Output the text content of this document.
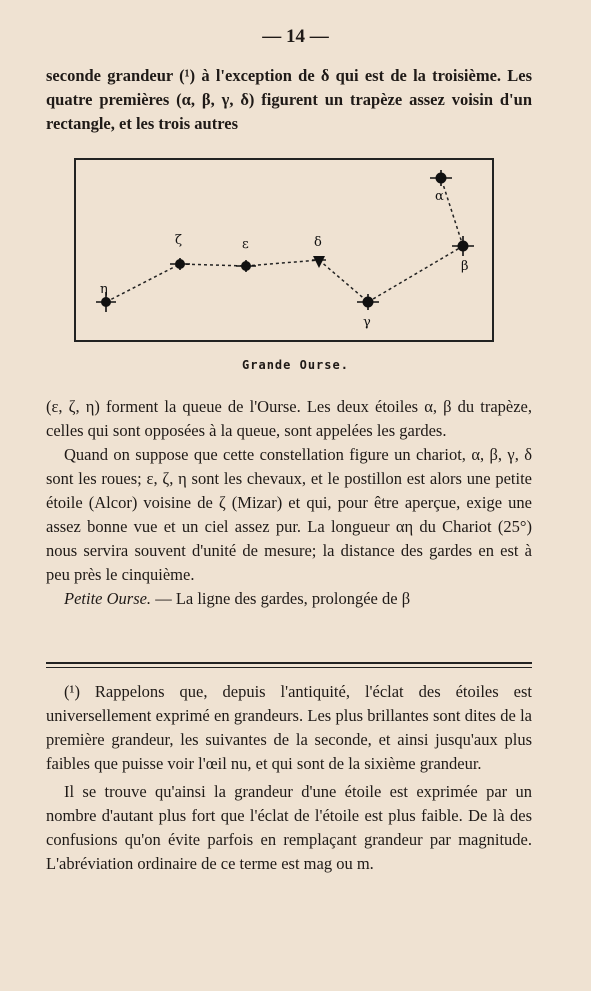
— 14 —

seconde grandeur (¹) à l'exception de δ qui est de la troisième. Les quatre premières (α, β, γ, δ) figurent un trapèze assez voisin d'un rectangle, et les trois autres

η
ζ	ε	δ
γ
β
α
Grande Ourse.

(ε, ζ, η) forment la queue de l'Ourse. Les deux étoiles α, β du trapèze, celles qui sont opposées à la queue, sont appelées les gardes.

Quand on suppose que cette constellation figure un chariot, α, β, γ, δ sont les roues; ε, ζ, η sont les chevaux, et le postillon est alors une petite étoile (Alcor) voisine de ζ (Mizar) et qui, pour être aperçue, exige une assez bonne vue et un ciel assez pur. La longueur αη du Chariot (25°) nous servira souvent d'unité de mesure; la distance des gardes en est à peu près le cinquième.

Petite Ourse. — La ligne des gardes, prolongée de β

(¹) Rappelons que, depuis l'antiquité, l'éclat des étoiles est universellement exprimé en grandeurs. Les plus brillantes sont dites de la première grandeur, les suivantes de la seconde, et ainsi jusqu'aux plus faibles que puisse voir l'œil nu, et qui sont de la sixième grandeur.

Il se trouve qu'ainsi la grandeur d'une étoile est exprimée par un nombre d'autant plus fort que l'éclat de l'étoile est plus faible. De là des confusions qu'on évite parfois en remplaçant grandeur par magnitude. L'abréviation ordinaire de ce terme est mag ou m.
